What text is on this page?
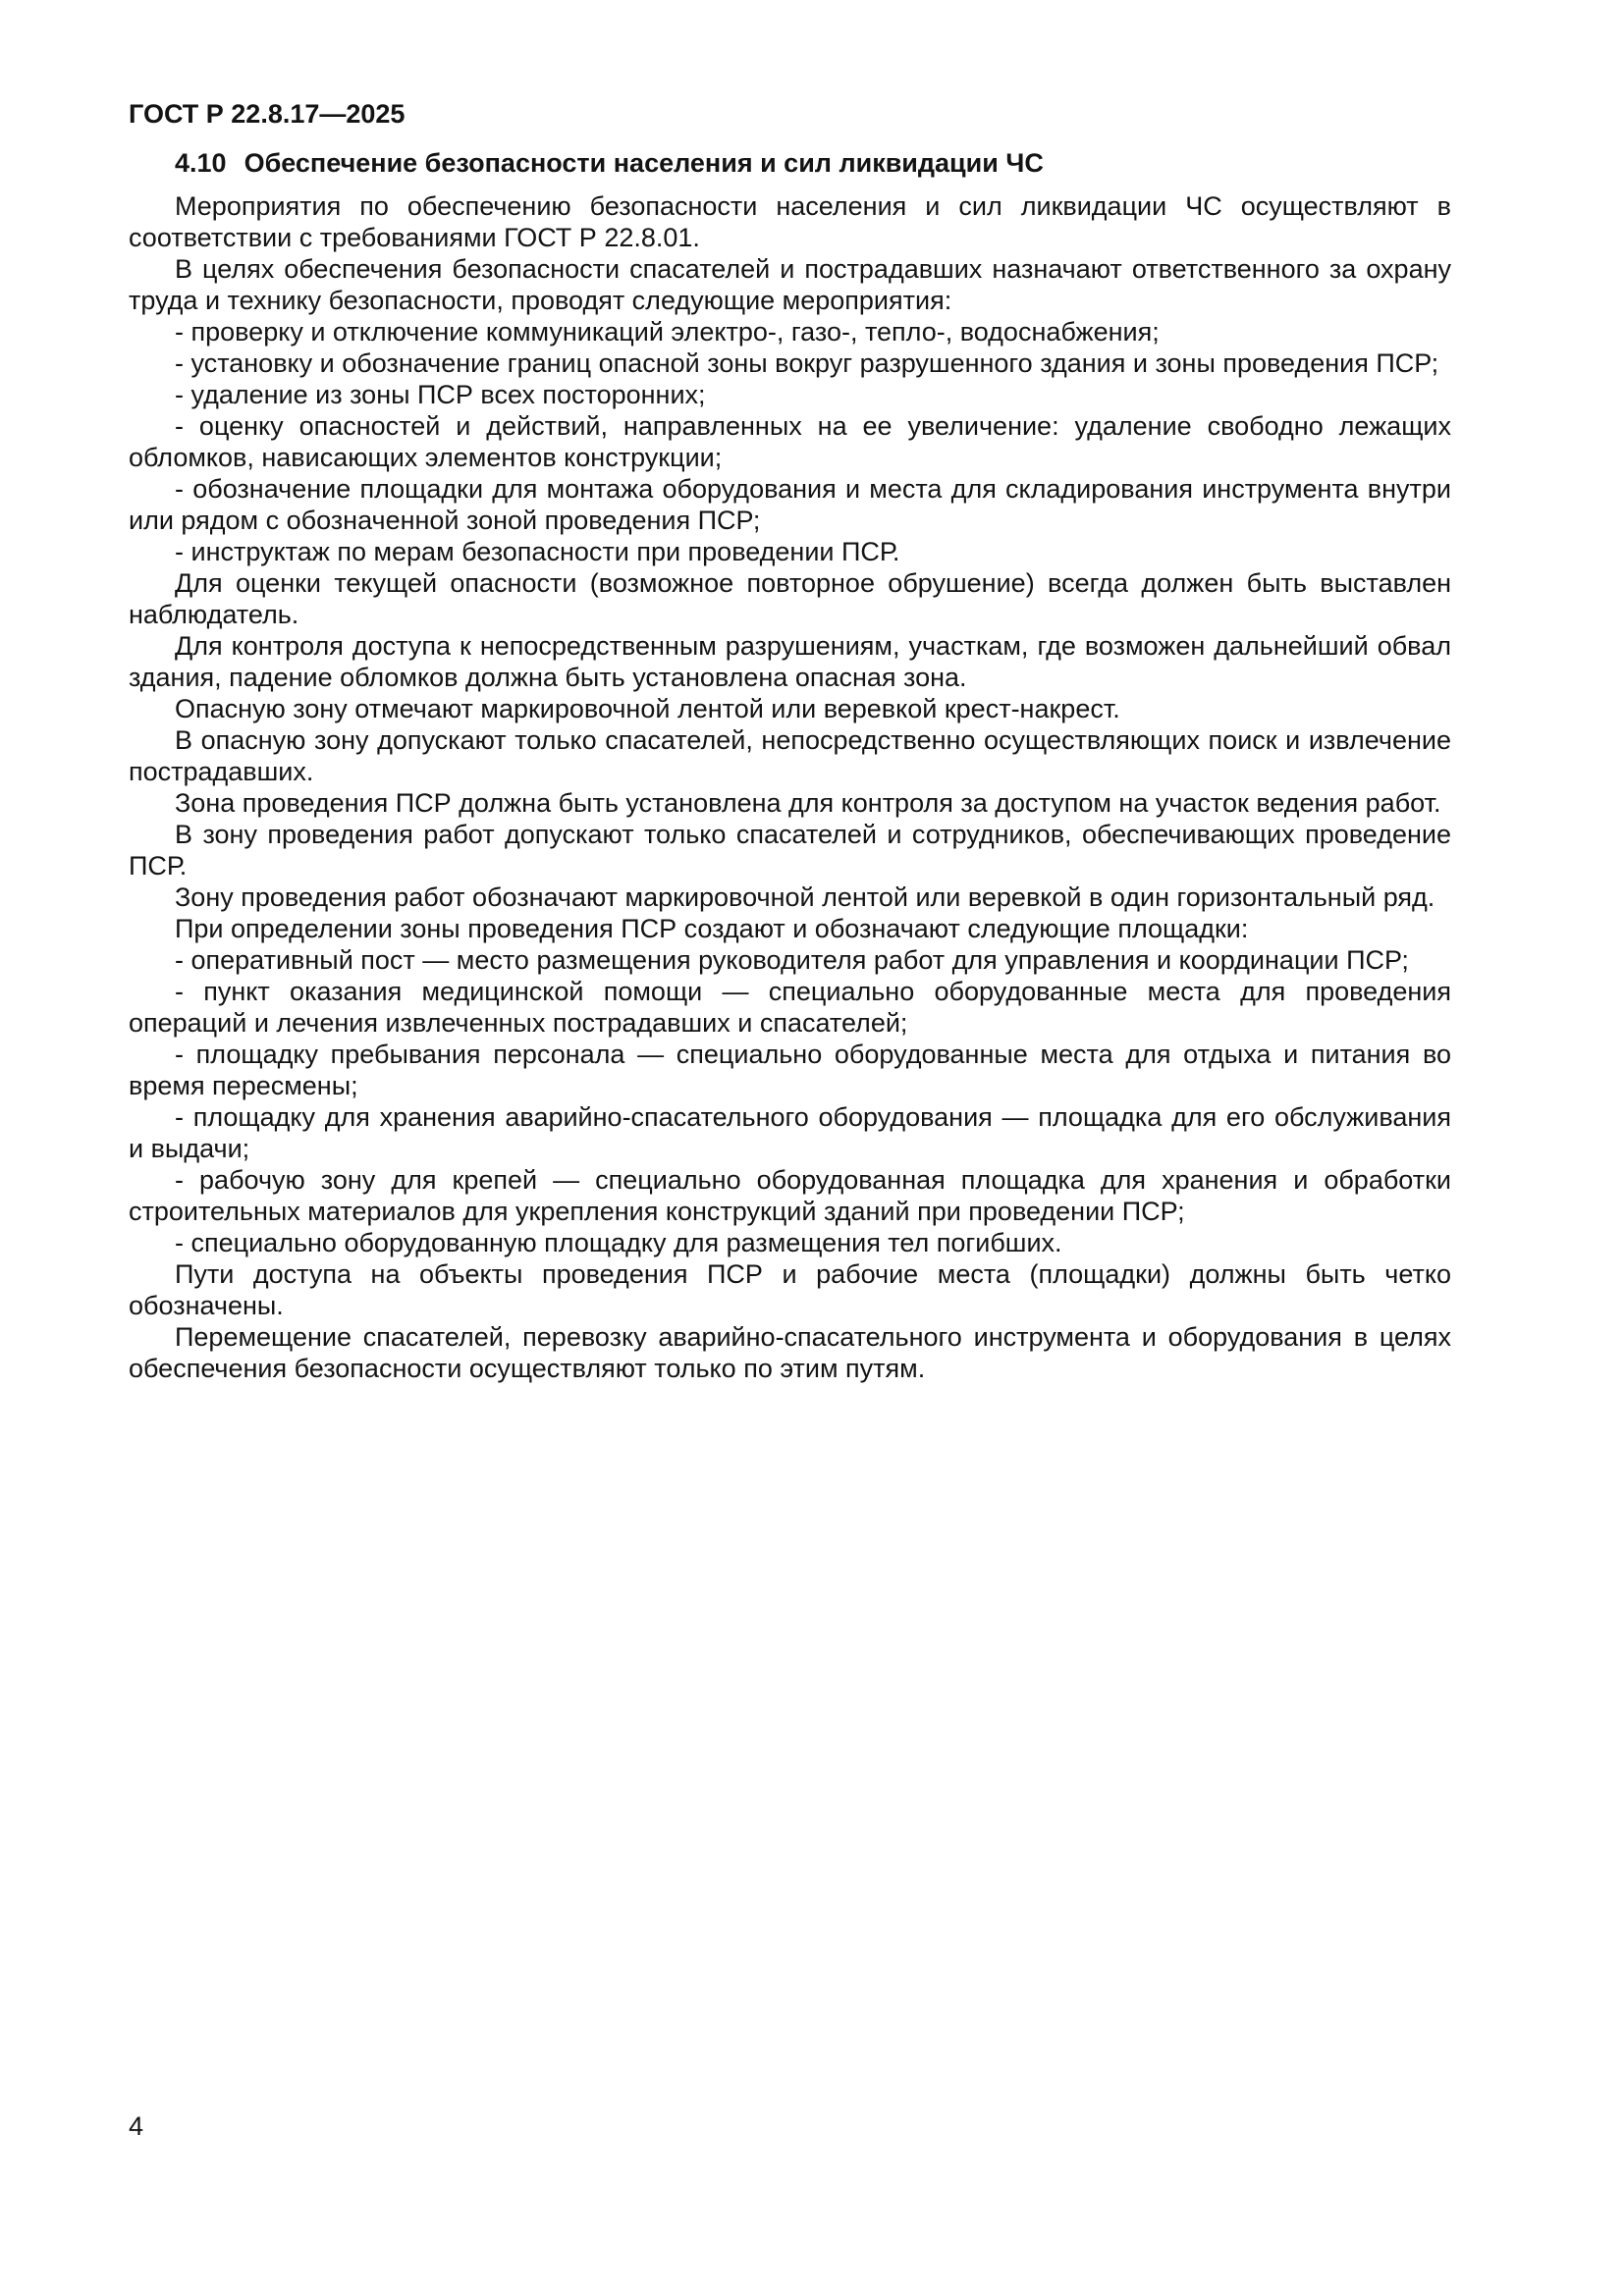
ГОСТ Р 22.8.17—2025
4.10 Обеспечение безопасности населения и сил ликвидации ЧС

Мероприятия по обеспечению безопасности населения и сил ликвидации ЧС осуществляют в соответствии с требованиями ГОСТ Р 22.8.01.

В целях обеспечения безопасности спасателей и пострадавших назначают ответственного за охрану труда и технику безопасности, проводят следующие мероприятия:

- проверку и отключение коммуникаций электро-, газо-, тепло-, водоснабжения;

- установку и обозначение границ опасной зоны вокруг разрушенного здания и зоны проведения ПСР;

- удаление из зоны ПСР всех посторонних;

- оценку опасностей и действий, направленных на ее увеличение: удаление свободно лежащих обломков, нависающих элементов конструкции;

- обозначение площадки для монтажа оборудования и места для складирования инструмента внутри или рядом с обозначенной зоной проведения ПСР;

- инструктаж по мерам безопасности при проведении ПСР.

Для оценки текущей опасности (возможное повторное обрушение) всегда должен быть выставлен наблюдатель.

Для контроля доступа к непосредственным разрушениям, участкам, где возможен дальнейший обвал здания, падение обломков должна быть установлена опасная зона.

Опасную зону отмечают маркировочной лентой или веревкой крест-накрест.

В опасную зону допускают только спасателей, непосредственно осуществляющих поиск и извлечение пострадавших.

Зона проведения ПСР должна быть установлена для контроля за доступом на участок ведения работ.

В зону проведения работ допускают только спасателей и сотрудников, обеспечивающих проведение ПСР.

Зону проведения работ обозначают маркировочной лентой или веревкой в один горизонтальный ряд.

При определении зоны проведения ПСР создают и обозначают следующие площадки:

- оперативный пост — место размещения руководителя работ для управления и координации ПСР;

- пункт оказания медицинской помощи — специально оборудованные места для проведения операций и лечения извлеченных пострадавших и спасателей;

- площадку пребывания персонала — специально оборудованные места для отдыха и питания во время пересмены;

- площадку для хранения аварийно-спасательного оборудования — площадка для его обслуживания и выдачи;

- рабочую зону для крепей — специально оборудованная площадка для хранения и обработки строительных материалов для укрепления конструкций зданий при проведении ПСР;

- специально оборудованную площадку для размещения тел погибших.

Пути доступа на объекты проведения ПСР и рабочие места (площадки) должны быть четко обозначены.

Перемещение спасателей, перевозку аварийно-спасательного инструмента и оборудования в целях обеспечения безопасности осуществляют только по этим путям.

4
